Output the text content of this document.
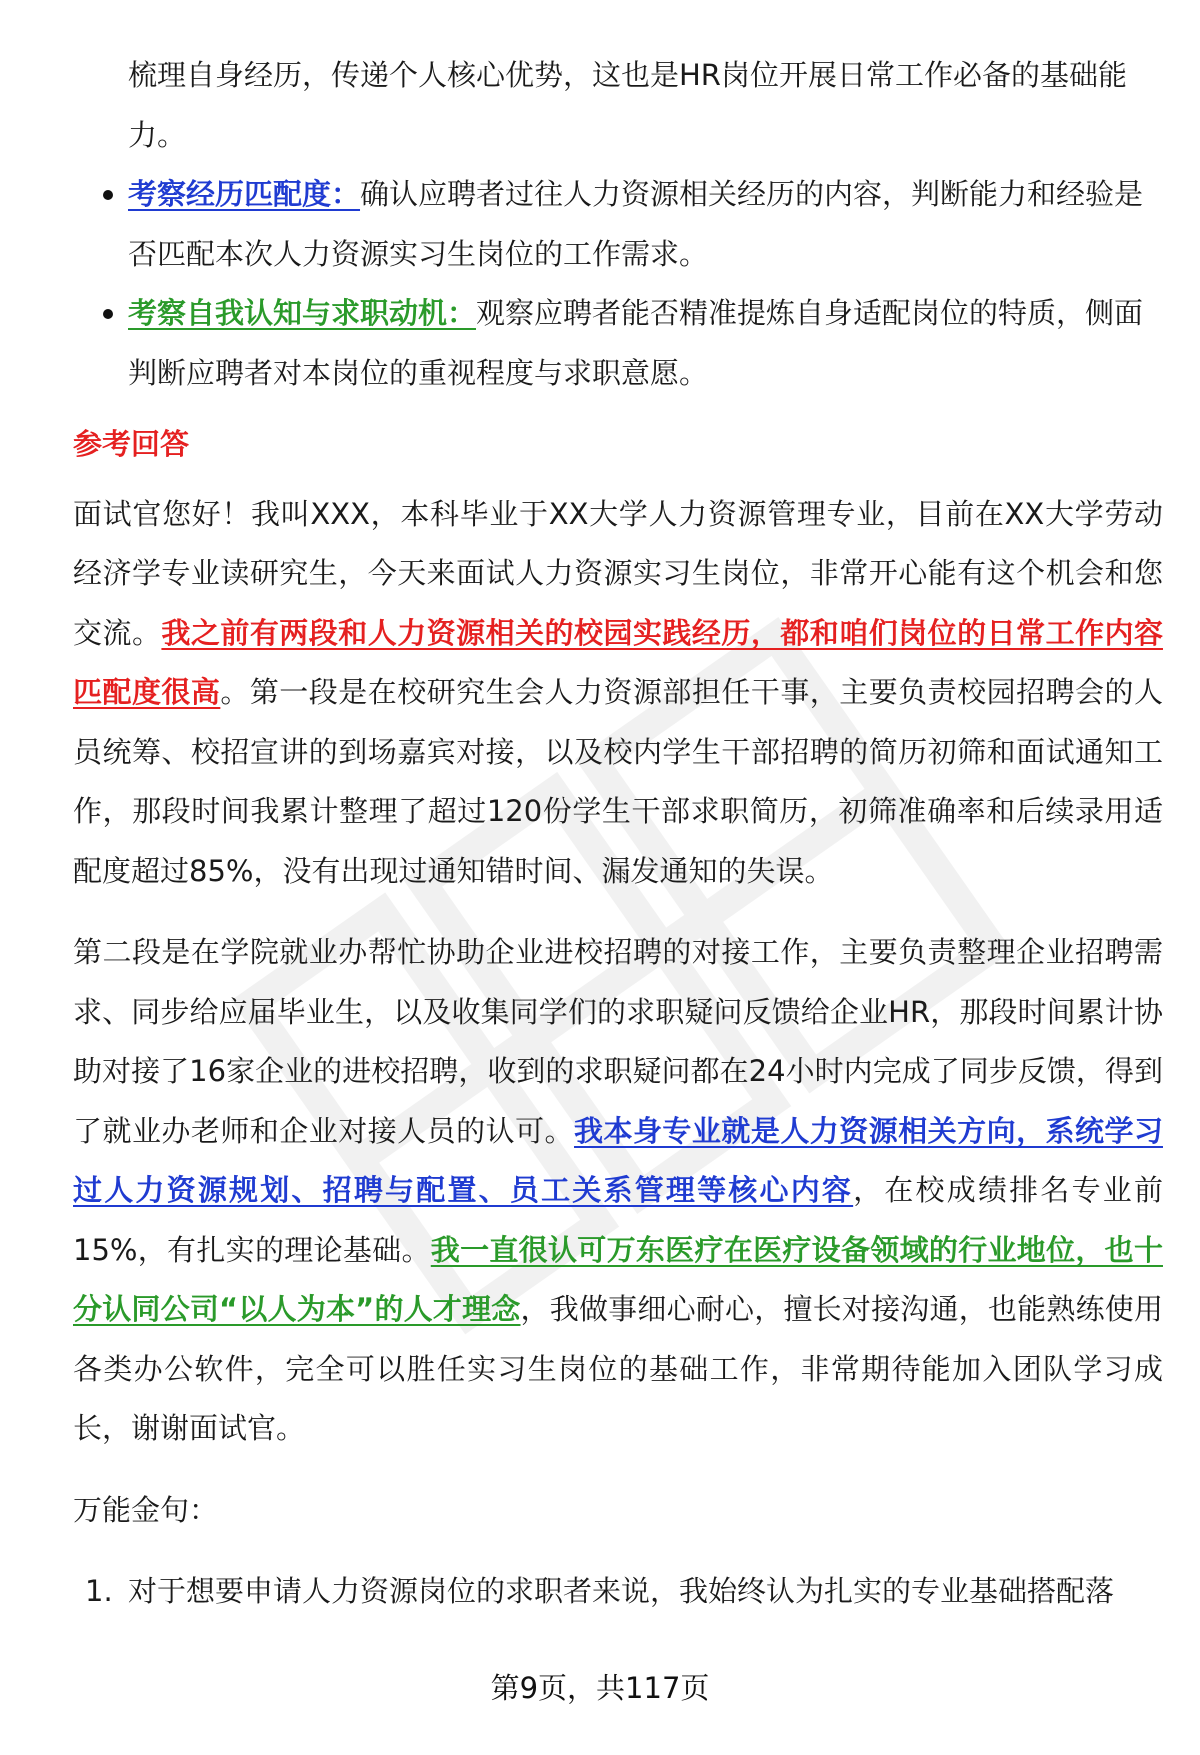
梳理自身经历，传递个人核心优势，这也是HR岗位开展日常工作必备的基础能
力。
考察经历匹配度：确认应聘者过往人力资源相关经历的内容，判断能力和经验是否匹配本次人力资源实习生岗位的工作需求。
考察自我认知与求职动机：观察应聘者能否精准提炼自身适配岗位的特质，侧面判断应聘者对本岗位的重视程度与求职意愿。
参考回答

面试官您好！我叫XXX，本科毕业于XX大学人力资源管理专业，目前在XX大学劳动经济学专业读研究生，今天来面试人力资源实习生岗位，非常开心能有这个机会和您交流。我之前有两段和人力资源相关的校园实践经历，都和咱们岗位的日常工作内容匹配度很高。第一段是在校研究生会人力资源部担任干事，主要负责校园招聘会的人员统筹、校招宣讲的到场嘉宾对接，以及校内学生干部招聘的简历初筛和面试通知工作，那段时间我累计整理了超过120份学生干部求职简历，初筛准确率和后续录用适配度超过85%，没有出现过通知错时间、漏发通知的失误。

第二段是在学院就业办帮忙协助企业进校招聘的对接工作，主要负责整理企业招聘需求、同步给应届毕业生，以及收集同学们的求职疑问反馈给企业HR，那段时间累计协助对接了16家企业的进校招聘，收到的求职疑问都在24小时内完成了同步反馈，得到了就业办老师和企业对接人员的认可。我本身专业就是人力资源相关方向，系统学习过人力资源规划、招聘与配置、员工关系管理等核心内容，在校成绩排名专业前15%，有扎实的理论基础。我一直很认可万东医疗在医疗设备领域的行业地位，也十分认同公司“以人为本”的人才理念，我做事细心耐心，擅长对接沟通，也能熟练使用各类办公软件，完全可以胜任实习生岗位的基础工作，非常期待能加入团队学习成长，谢谢面试官。

万能金句：
1. 对于想要申请人力资源岗位的求职者来说，我始终认为扎实的专业基础搭配落
第9页，共117页
